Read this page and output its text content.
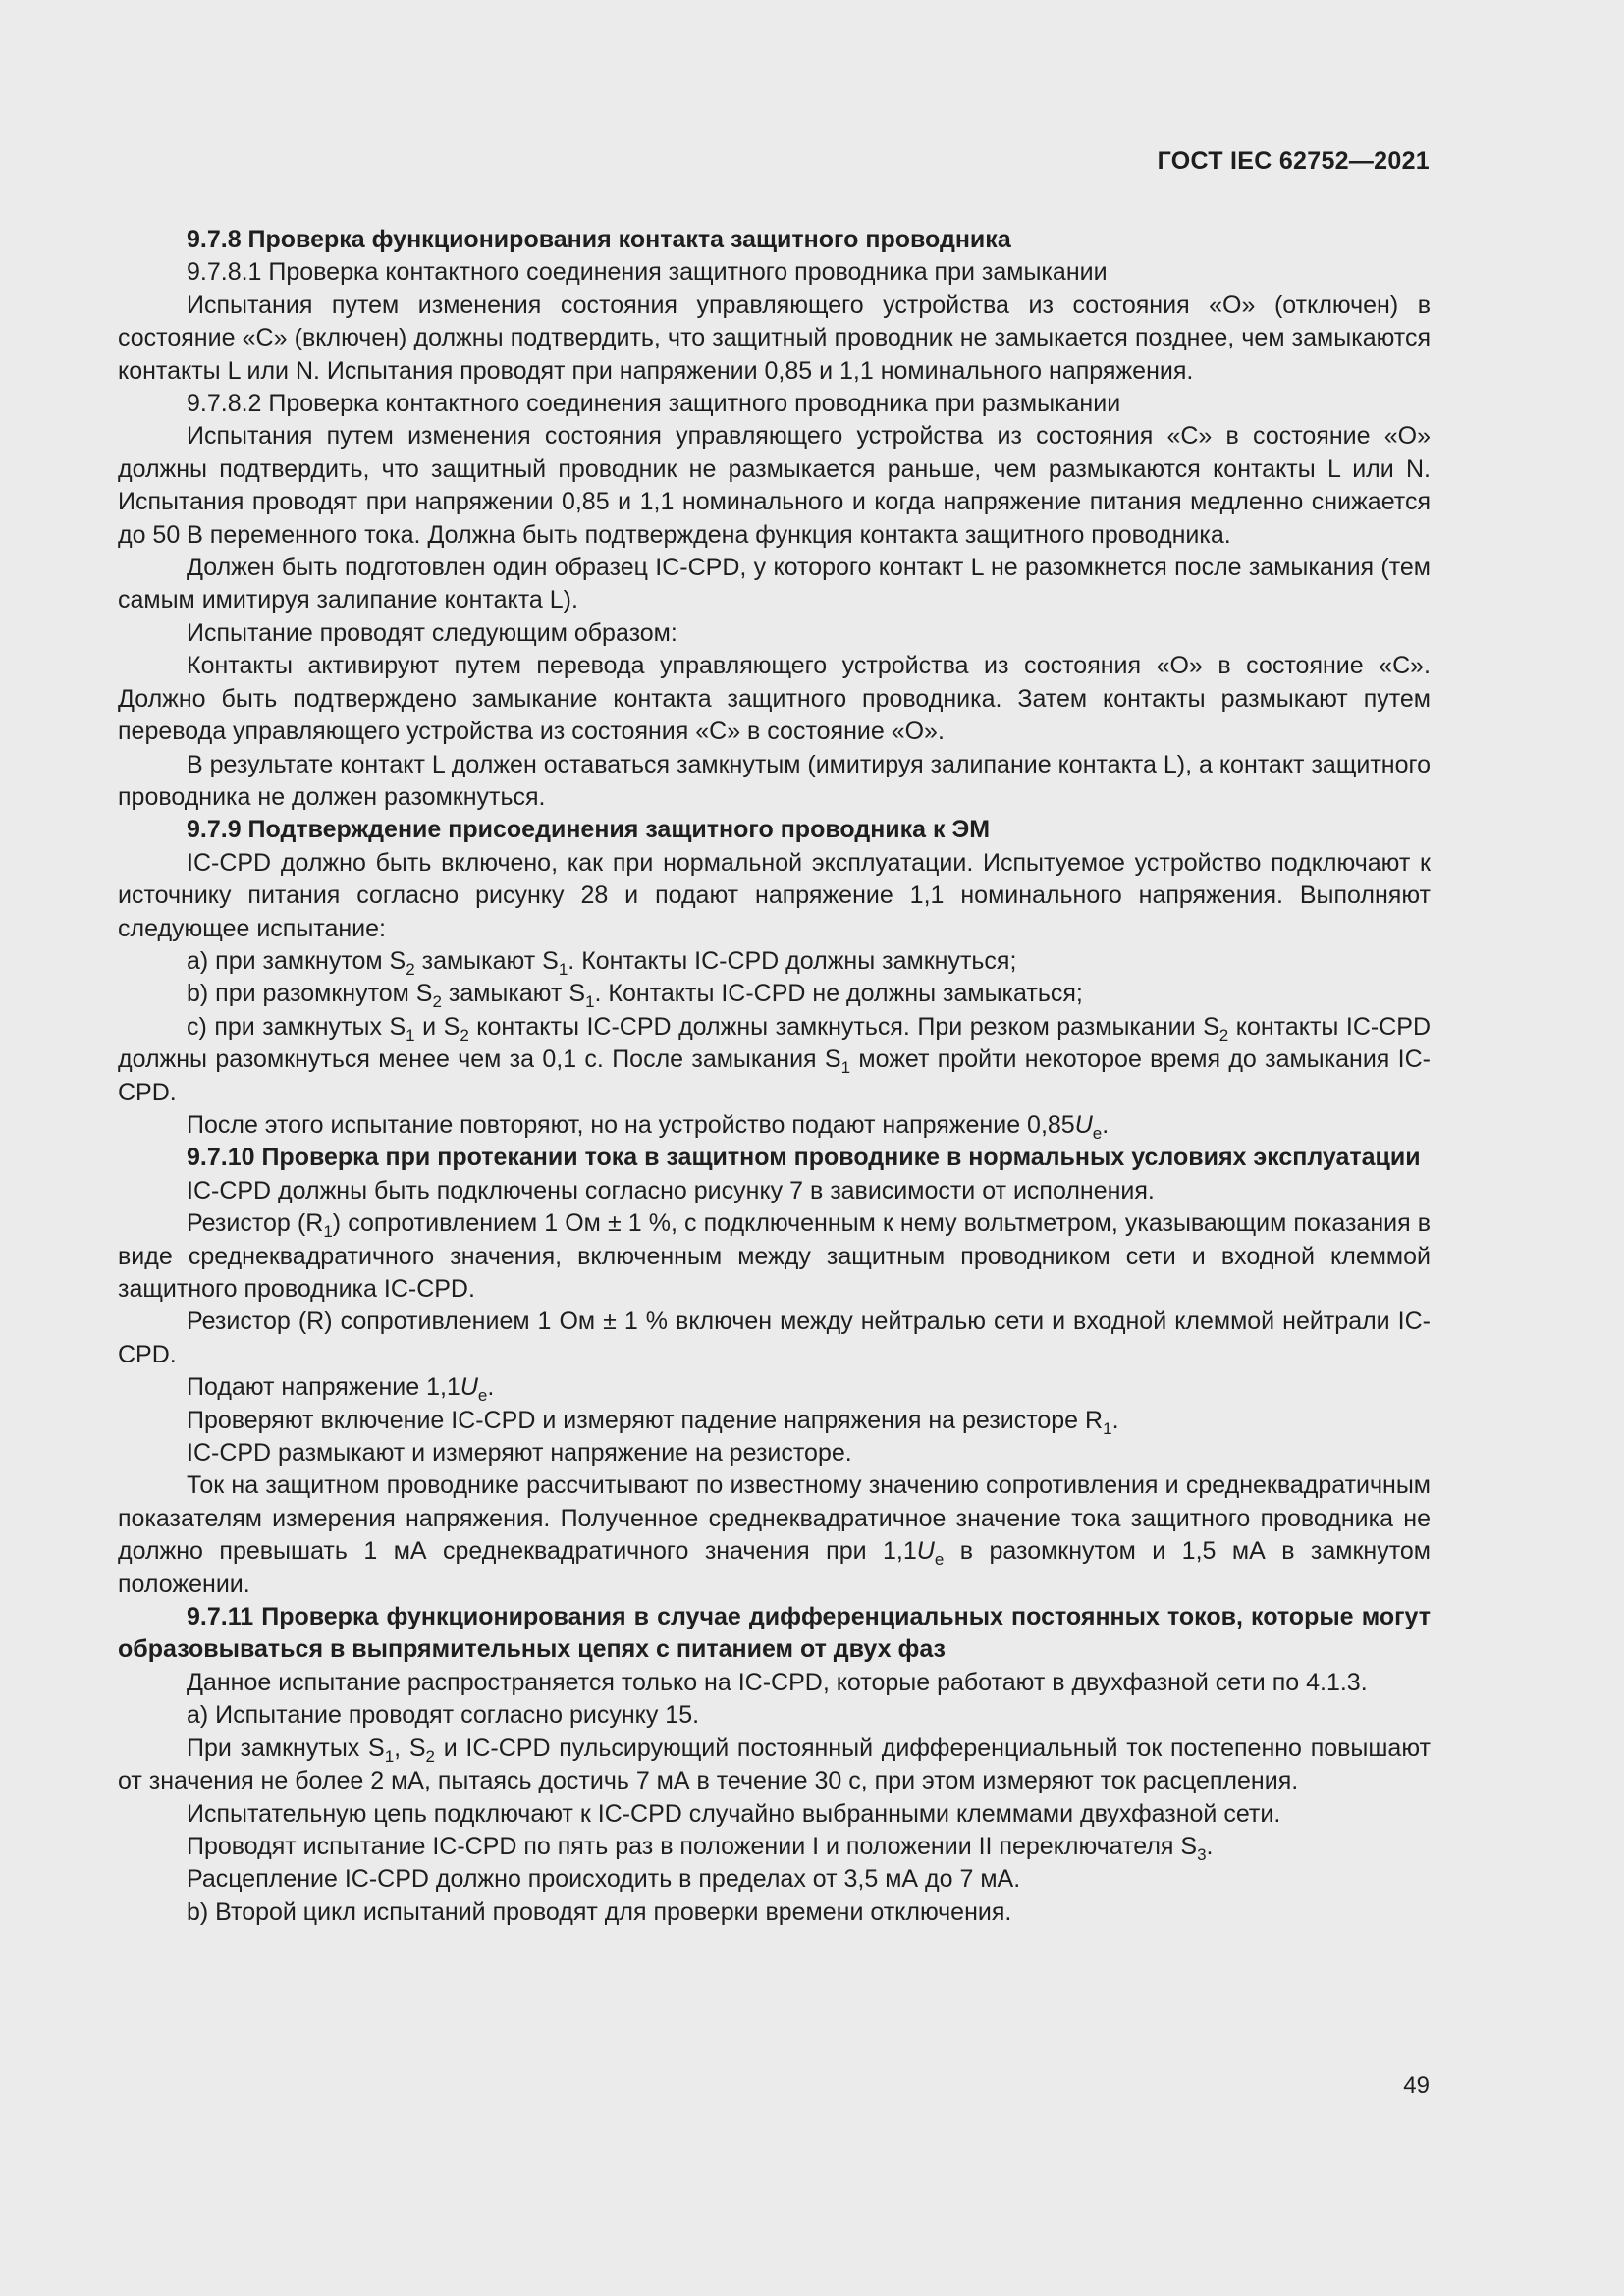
ГОСТ IEC 62752—2021

9.7.8 Проверка функционирования контакта защитного проводника

9.7.8.1 Проверка контактного соединения защитного проводника при замыкании

Испытания путем изменения состояния управляющего устройства из состояния «О» (отключен) в состояние «С» (включен) должны подтвердить, что защитный проводник не замыкается позднее, чем замыкаются контакты L или N. Испытания проводят при напряжении 0,85 и 1,1 номинального напряжения.

9.7.8.2 Проверка контактного соединения защитного проводника при размыкании

Испытания путем изменения состояния управляющего устройства из состояния «С» в состояние «О» должны подтвердить, что защитный проводник не размыкается раньше, чем размыкаются контакты L или N. Испытания проводят при напряжении 0,85 и 1,1 номинального и когда напряжение питания медленно снижается до 50 В переменного тока. Должна быть подтверждена функция контакта защитного проводника.

Должен быть подготовлен один образец IC-CPD, у которого контакт L не разомкнется после замыкания (тем самым имитируя залипание контакта L).

Испытание проводят следующим образом:

Контакты активируют путем перевода управляющего устройства из состояния «О» в состояние «С». Должно быть подтверждено замыкание контакта защитного проводника. Затем контакты размыкают путем перевода управляющего устройства из состояния «С» в состояние «О».

В результате контакт L должен оставаться замкнутым (имитируя залипание контакта L), а контакт защитного проводника не должен разомкнуться.

9.7.9 Подтверждение присоединения защитного проводника к ЭМ

IC-CPD должно быть включено, как при нормальной эксплуатации. Испытуемое устройство подключают к источнику питания согласно рисунку 28 и подают напряжение 1,1 номинального напряжения. Выполняют следующее испытание:

a) при замкнутом $S_2$ замыкают $S_1$. Контакты IC-CPD должны замкнуться;

b) при разомкнутом $S_2$ замыкают $S_1$. Контакты IC-CPD не должны замыкаться;

c) при замкнутых $S_1$ и $S_2$ контакты IC-CPD должны замкнуться. При резком размыкании $S_2$ контакты IC-CPD должны разомкнуться менее чем за 0,1 с. После замыкания $S_1$ может пройти некоторое время до замыкания IC-CPD.

После этого испытание повторяют, но на устройство подают напряжение $0,85U_e$.

9.7.10 Проверка при протекании тока в защитном проводнике в нормальных условиях эксплуатации

IC-CPD должны быть подключены согласно рисунку 7 в зависимости от исполнения.

Резистор $(R_1)$ сопротивлением 1 Ом ± 1 %, с подключенным к нему вольтметром, указывающим показания в виде среднеквадратичного значения, включенным между защитным проводником сети и входной клеммой защитного проводника IC-CPD.

Резистор (R) сопротивлением 1 Ом ± 1 % включен между нейтралью сети и входной клеммой нейтрали IC-CPD.

Подают напряжение $1,1U_e$.

Проверяют включение IC-CPD и измеряют падение напряжения на резисторе $R_1$.

IC-CPD размыкают и измеряют напряжение на резисторе.

Ток на защитном проводнике рассчитывают по известному значению сопротивления и среднеквадратичным показателям измерения напряжения. Полученное среднеквадратичное значение тока защитного проводника не должно превышать 1 мА среднеквадратичного значения при $1,1U_e$ в разомкнутом и 1,5 мА в замкнутом положении.

9.7.11 Проверка функционирования в случае дифференциальных постоянных токов, которые могут образовываться в выпрямительных цепях с питанием от двух фаз

Данное испытание распространяется только на IC-CPD, которые работают в двухфазной сети по 4.1.3.

a) Испытание проводят согласно рисунку 15.

При замкнутых $S_1$, $S_2$ и IC-CPD пульсирующий постоянный дифференциальный ток постепенно повышают от значения не более 2 мА, пытаясь достичь 7 мА в течение 30 с, при этом измеряют ток расцепления.

Испытательную цепь подключают к IC-CPD случайно выбранными клеммами двухфазной сети.

Проводят испытание IC-CPD по пять раз в положении I и положении II переключателя $S_3$.

Расцепление IC-CPD должно происходить в пределах от 3,5 мА до 7 мА.

b) Второй цикл испытаний проводят для проверки времени отключения.

49
